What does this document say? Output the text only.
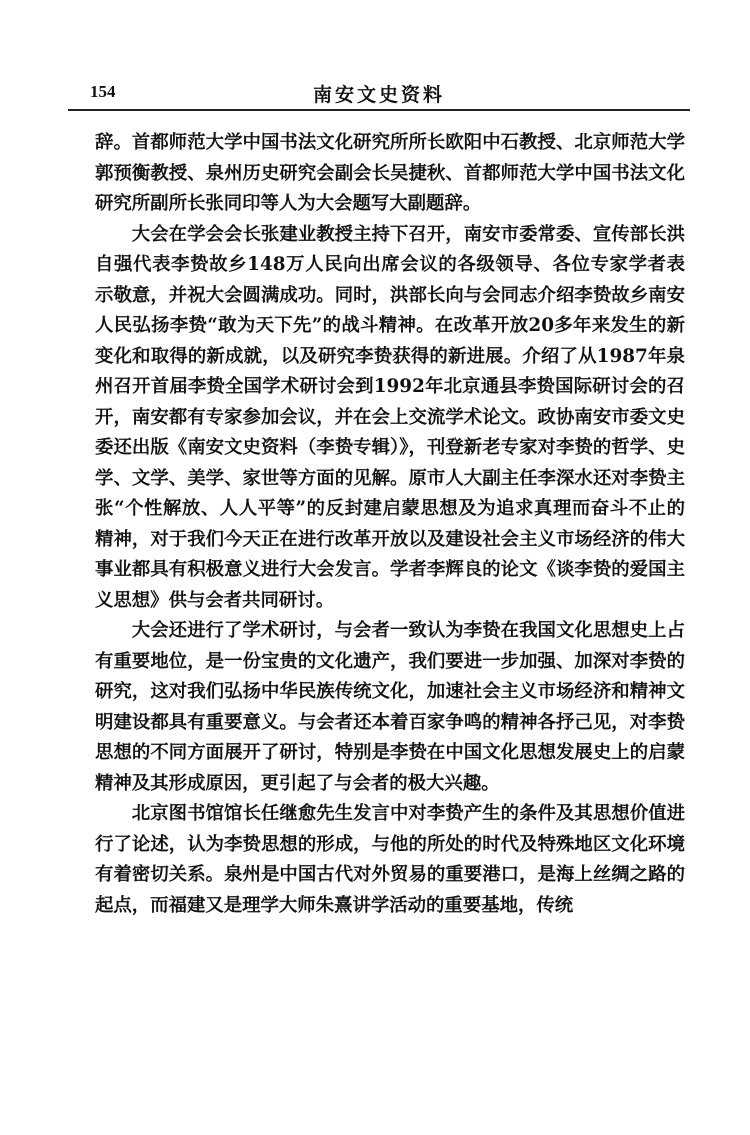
154	南安文史资料

辞。首都师范大学中国书法文化研究所所长欧阳中石教授、北京师范大学郭预衡教授、泉州历史研究会副会长吴捷秋、首都师范大学中国书法文化研究所副所长张同印等人为大会题写大副题辞。

大会在学会会长张建业教授主持下召开，南安市委常委、宣传部长洪自强代表李贽故乡148万人民向出席会议的各级领导、各位专家学者表示敬意，并祝大会圆满成功。同时，洪部长向与会同志介绍李贽故乡南安人民弘扬李贽“敢为天下先”的战斗精神。在改革开放20多年来发生的新变化和取得的新成就，以及研究李贽获得的新进展。介绍了从1987年泉州召开首届李贽全国学术研讨会到1992年北京通县李贽国际研讨会的召开，南安都有专家参加会议，并在会上交流学术论文。政协南安市委文史委还出版《南安文史资料（李贽专辑）》，刊登新老专家对李贽的哲学、史学、文学、美学、家世等方面的见解。原市人大副主任李深水还对李贽主张“个性解放、人人平等”的反封建启蒙思想及为追求真理而奋斗不止的精神，对于我们今天正在进行改革开放以及建设社会主义市场经济的伟大事业都具有积极意义进行大会发言。学者李辉良的论文《谈李贽的爱国主义思想》供与会者共同研讨。

大会还进行了学术研讨，与会者一致认为李贽在我国文化思想史上占有重要地位，是一份宝贵的文化遗产，我们要进一步加强、加深对李贽的研究，这对我们弘扬中华民族传统文化，加速社会主义市场经济和精神文明建设都具有重要意义。与会者还本着百家争鸣的精神各抒己见，对李贽思想的不同方面展开了研讨，特别是李贽在中国文化思想发展史上的启蒙精神及其形成原因，更引起了与会者的极大兴趣。

北京图书馆馆长任继愈先生发言中对李贽产生的条件及其思想价值进行了论述，认为李贽思想的形成，与他的所处的时代及特殊地区文化环境有着密切关系。泉州是中国古代对外贸易的重要港口，是海上丝绸之路的起点，而福建又是理学大师朱熹讲学活动的重要基地，传统
